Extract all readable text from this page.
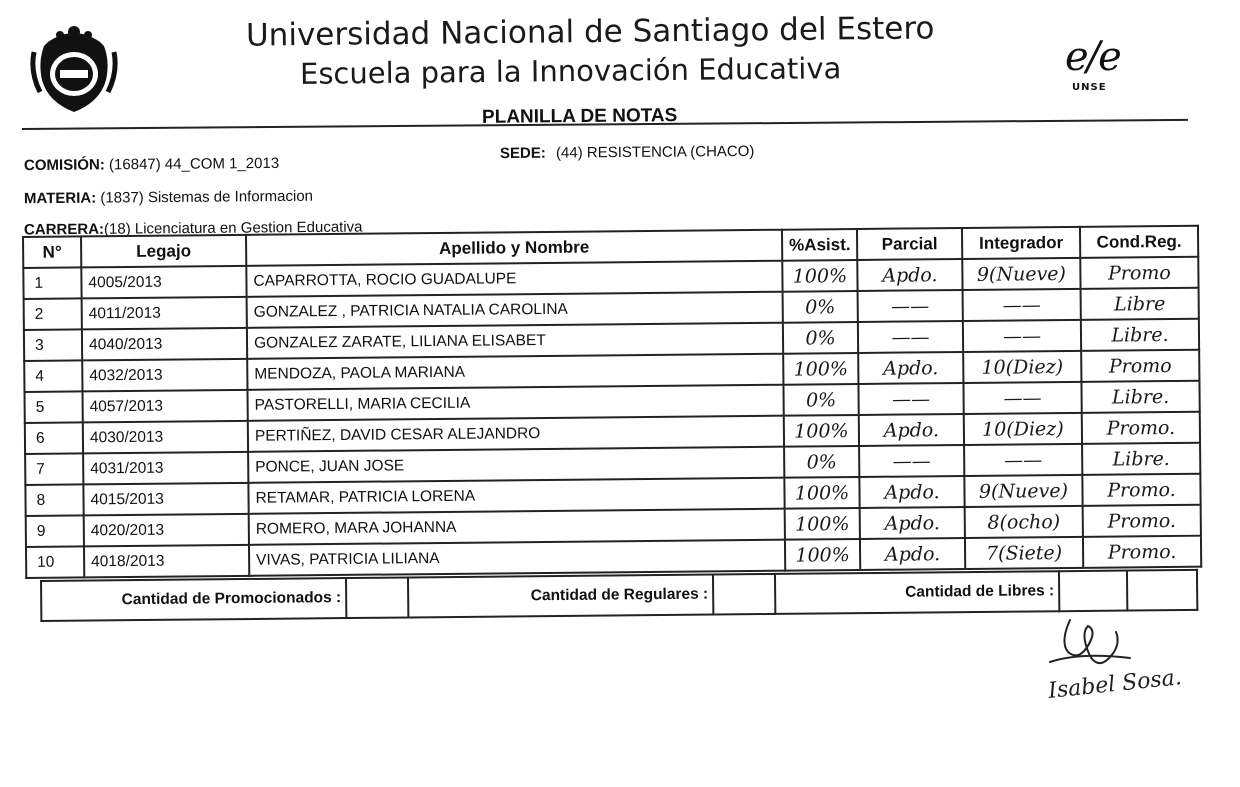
Universidad Nacional de Santiago del Estero
Escuela para la Innovación Educativa	e/e
UNSE
PLANILLA DE NOTAS
COMISIÓN: (16847) 44_COM 1_2013
SEDE: (44) RESISTENCIA (CHACO)
MATERIA: (1837) Sistemas de Informacion
CARRERA:(18) Licenciatura en Gestion Educativa
N°	Legajo	Apellido y Nombre	%Asist.	Parcial	Integrador	Cond.Reg.
1	4005/2013	CAPARROTTA, ROCIO GUADALUPE	100%	Apdo.	9(Nueve)	Promo
2	4011/2013	GONZALEZ , PATRICIA NATALIA CAROLINA	0%	——	——	Libre
3	4040/2013	GONZALEZ ZARATE, LILIANA ELISABET	0%	——	——	Libre.
4	4032/2013	MENDOZA, PAOLA MARIANA	100%	Apdo.	10(Diez)	Promo
5	4057/2013	PASTORELLI, MARIA CECILIA	0%	——	——	Libre.
6	4030/2013	PERTIÑEZ, DAVID CESAR ALEJANDRO	100%	Apdo.	10(Diez)	Promo.
7	4031/2013	PONCE, JUAN JOSE	0%	——	——	Libre.
8	4015/2013	RETAMAR, PATRICIA LORENA	100%	Apdo.	9(Nueve)	Promo.
9	4020/2013	ROMERO, MARA JOHANNA	100%	Apdo.	8(ocho)	Promo.
10	4018/2013	VIVAS, PATRICIA LILIANA	100%	Apdo.	7(Siete)	Promo.
Cantidad de Promocionados :		Cantidad de Regulares :		Cantidad de Libres :		
Isabel Sosa.
